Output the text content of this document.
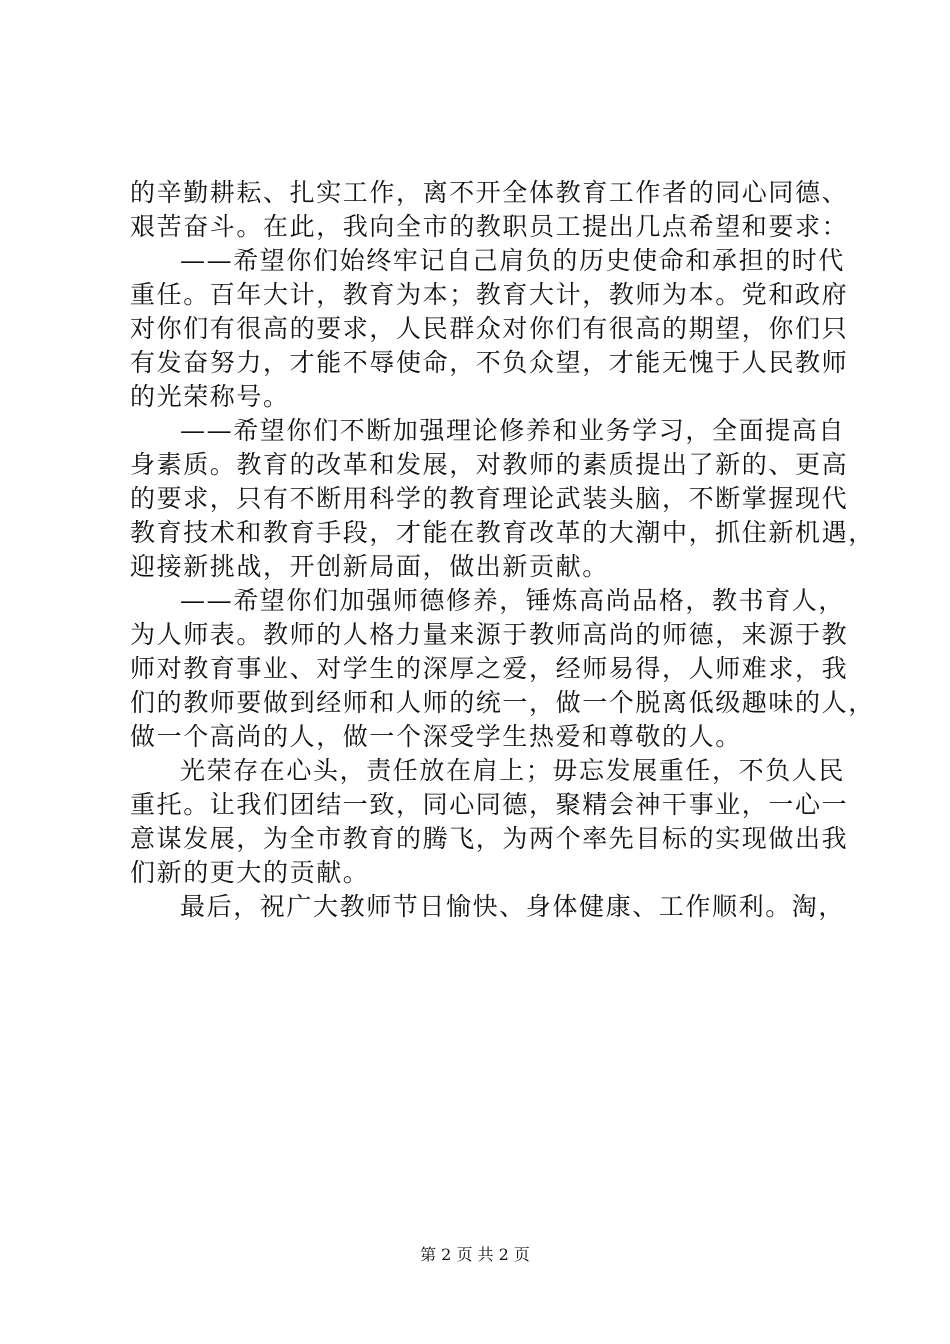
的辛勤耕耘、扎实工作，离不开全体教育工作者的同心同德、
艰苦奋斗。在此，我向全市的教职员工提出几点希望和要求：
——希望你们始终牢记自己肩负的历史使命和承担的时代
重任。百年大计，教育为本；教育大计，教师为本。党和政府
对你们有很高的要求，人民群众对你们有很高的期望，你们只
有发奋努力，才能不辱使命，不负众望，才能无愧于人民教师
的光荣称号。
——希望你们不断加强理论修养和业务学习，全面提高自
身素质。教育的改革和发展，对教师的素质提出了新的、更高
的要求，只有不断用科学的教育理论武装头脑，不断掌握现代
教育技术和教育手段，才能在教育改革的大潮中，抓住新机遇，
迎接新挑战，开创新局面，做出新贡献。
——希望你们加强师德修养，锤炼高尚品格，教书育人，
为人师表。教师的人格力量来源于教师高尚的师德，来源于教
师对教育事业、对学生的深厚之爱，经师易得，人师难求，我
们的教师要做到经师和人师的统一，做一个脱离低级趣味的人，
做一个高尚的人，做一个深受学生热爱和尊敬的人。
光荣存在心头，责任放在肩上；毋忘发展重任，不负人民
重托。让我们团结一致，同心同德，聚精会神干事业，一心一
意谋发展，为全市教育的腾飞，为两个率先目标的实现做出我
们新的更大的贡献。
最后，祝广大教师节日愉快、身体健康、工作顺利。淘，
第 2 页 共 2 页
